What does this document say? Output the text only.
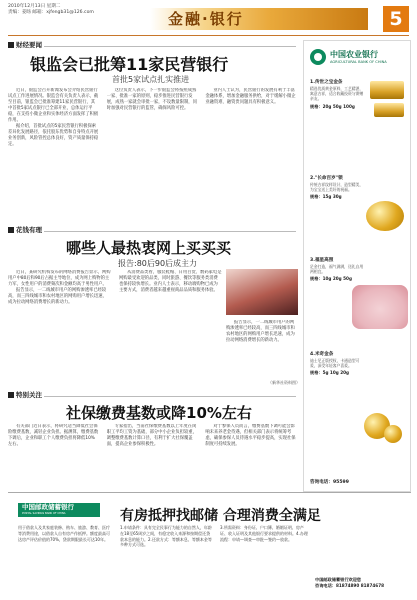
2010年12月13日 星期二
责编：姜旸 邮箱：xjfengb31@126.com	金融·银行	5
财经要闻
银监会已批筹11家民营银行
首批5家试点扎实推进

近日，银监会召开新闻发布会介绍民营银行试点工作进展情况。银监会有关负责人表示，截至目前，银监会已批准筹建11家民营银行，其中首批5家试点银行已全部开业，总体运行平稳，在支持小微企业和实体经济方面发挥了积极作用。

据介绍，首批试点的5家民营银行积极探索差异化发展路径，依托股东优势和自身特点开展业务创新，风险管控总体良好，资产质量保持稳定。

这位负责人表示，下一步银监会将按照成熟一家、批准一家的原则，稳步推进民营银行发展，成熟一家就会审批一家，不设数量限制，同时加强对民营银行的监管，确保风险可控。

业内人士认为，民营银行的发展有利于丰富金融体系，增加金融服务供给，对于缓解小微企业融资难、融资贵问题具有积极意义。

花钱有理
哪些人最热衷网上买买买
报告:80后90后成主力

近日，某研究机构发布的网络消费报告显示，网购用户中80后和90后占据主导地位，成为网上购物的主力军，女性用户的消费频次和金额均高于男性用户。

报告显示，一二线城市用户的网购渗透率已经较高，而三四线城市和农村地区的网购用户增长迅速，成为拉动网络消费增长的新动力。

从消费品类看，服装鞋帽、日用百货、数码家电是网购最受欢迎的品类，同时旅游、餐饮等服务类消费也保持较快增长。业内人士表示，移动端购物已成为主要方式，消费者越来越重视商品品质和服务体验。

报告显示，一二线城市用户的网购渗透率已经较高，而三四线城市和农村地区的网购用户增长迅速，成为拉动网络消费增长的新动力。

（新华社资料图）
特别关注
社保缴费基数或降10%左右

有关部门近日表示，将研究适当降低社会保险缴费基数，减轻企业负担。据测算，缴费基数下调后，企业和职工个人缴费负担将降低10%左右。

专家指出，当前社保缴费基数以上年度在岗职工平均工资为基础，部分中小企业负担较重，调整缴费基数计算口径，有利于扩大社保覆盖面，提高企业参保积极性。

对于参保人员而言，缴费基数下调可能会影响未来养老金待遇，但相关部门表示将统筹考虑，确保参保人员待遇水平稳步提高，实现社保制度可持续发展。

中国农业银行
AGRICULTURAL BANK OF CHINA
1.传世之宝金条
精选优质黄金原料，工艺精湛，寓意吉祥，适合收藏投资与馈赠亲友。
规格：20g 50g 100g
2."长命百岁"锁
传统吉祥纹样设计，造型精美，为宝宝送上美好的祝福。
规格：15g 30g
3.福星高照
足金打造，福气满满，送礼自用两相宜。
规格：10g 20g 50g
4.米奇金条
迪士尼正版授权，卡通造型可爱，深受年轻客户喜爱。
规格：5g 10g 20g
咨询电话：95599
中国邮政储蓄银行
POSTAL SAVINGS BANK OF CHINA	有房抵押找邮储 合理消费全满足
用于借款人及其家庭装修、购车、旅游、教育、医疗等消费用途，以借款人自有房产作抵押。额度最高可达房产评估价值的70%，贷款期限最长可达10年。
1.申请条件：具有完全民事行为能力的自然人，年龄在18至65周岁之间，有稳定收入来源和按期偿还贷款本息的能力。2.还款方式：等额本息、等额本金等多种方式可选。
3.所需资料：身份证、户口簿、婚姻证明、房产证、收入证明及其他银行要求提供的材料。4.办理流程：申请—调查—审批—签约—放款。
中国邮政储蓄银行欢迎您
咨询电话：81874890 81874678
